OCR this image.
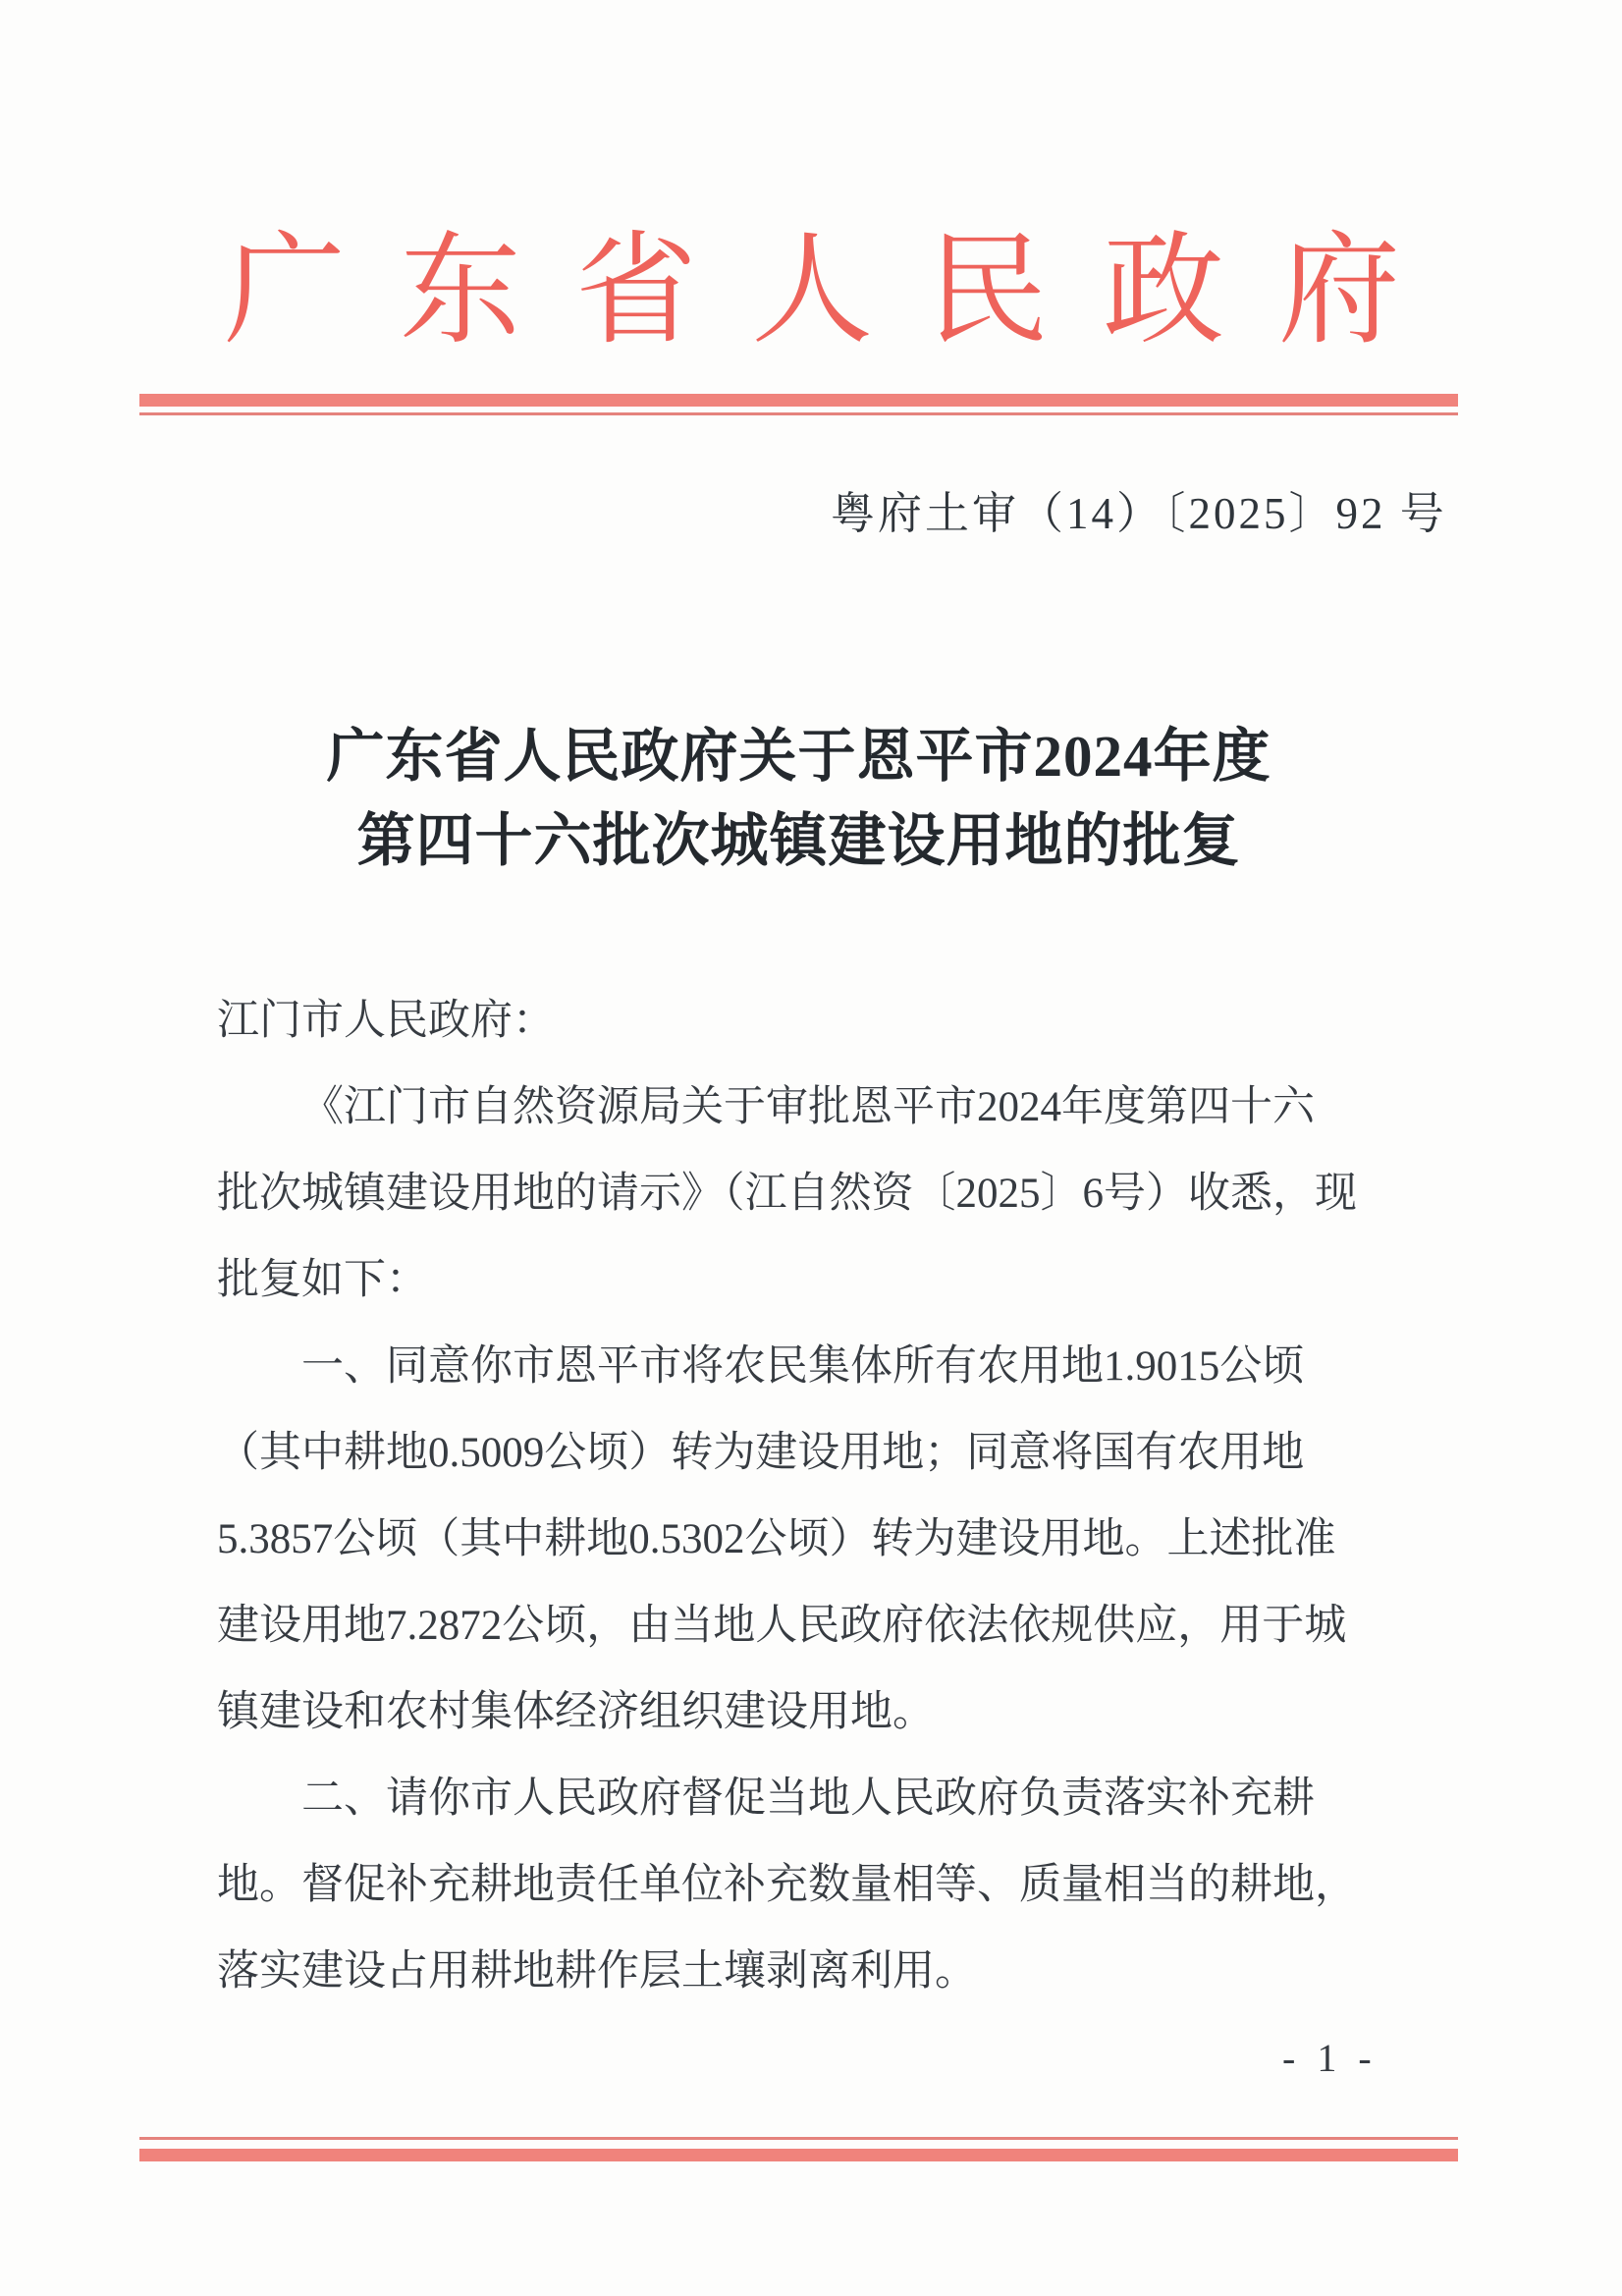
广东省人民政府
粤府土审（14）〔2025〕92 号
广东省人民政府关于恩平市2024年度
第四十六批次城镇建设用地的批复
江门市人民政府：
《江门市自然资源局关于审批恩平市2024年度第四十六
批次城镇建设用地的请示》（江自然资〔2025〕6号）收悉，现
批复如下：
一、同意你市恩平市将农民集体所有农用地1.9015公顷
（其中耕地0.5009公顷）转为建设用地；同意将国有农用地
5.3857公顷（其中耕地0.5302公顷）转为建设用地。上述批准
建设用地7.2872公顷，由当地人民政府依法依规供应，用于城
镇建设和农村集体经济组织建设用地。
二、请你市人民政府督促当地人民政府负责落实补充耕
地。督促补充耕地责任单位补充数量相等、质量相当的耕地，
落实建设占用耕地耕作层土壤剥离利用。
- 1 -
